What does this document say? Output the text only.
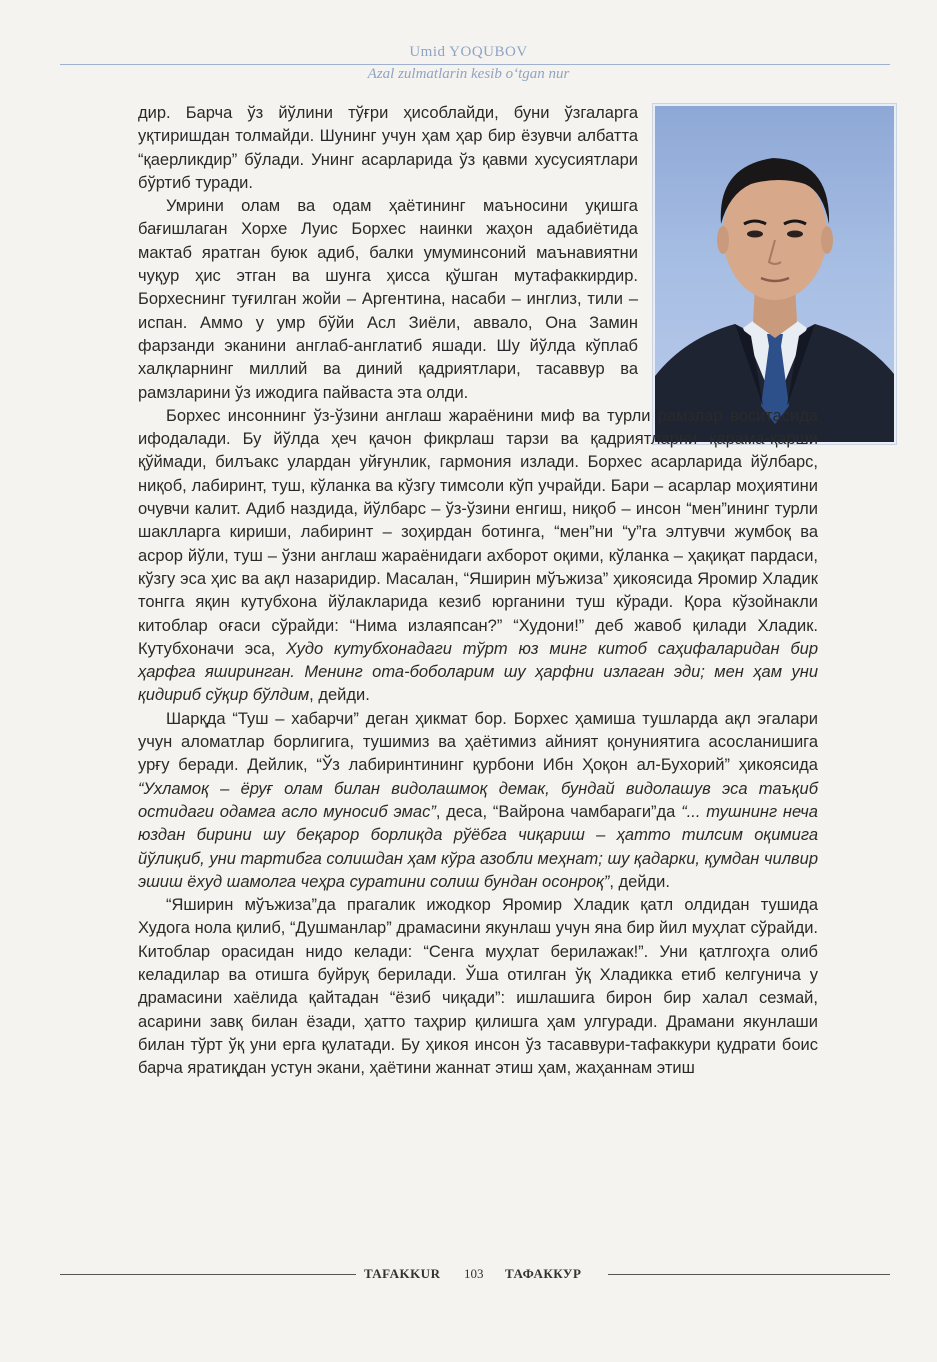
Umid YOQUBOV
Azal zulmatlarin kesib o‘tgan nur

дир. Барча ўз йўлини тўғри ҳисоблайди, буни ўзгаларга уқтиришдан толмайди. Шунинг учун ҳам ҳар бир ёзувчи албатта “қаерликдир” бўлади. Унинг асарларида ўз қавми хусусиятлари бўртиб туради.

Умрини олам ва одам ҳаётининг маъносини уқишга бағишлаган Хорхе Луис Борхес наинки жаҳон адабиётида мактаб яратган буюк адиб, балки умуминсоний маънавиятни чуқур ҳис этган ва шунга ҳисса қўшган мутафаккирдир. Борхеснинг туғилган жойи – Аргентина, насаби – инглиз, тили – испан. Аммо у умр бўйи Асл Зиёли, аввало, Она Замин фарзанди эканини англаб-англатиб яшади. Шу йўлда кўплаб халқларнинг миллий ва диний қадриятлари, тасаввур ва рамзларини ўз ижодига пайваста эта олди.

Борхес инсоннинг ўз-ўзини англаш жараёнини миф ва турли рамзлар воситасида ифодалади. Бу йўлда ҳеч қачон фикрлаш тарзи ва қадриятларни қарама-қарши қўймади, билъакс улардан уйғунлик, гармония излади. Борхес асарларида йўлбарс, ниқоб, лабиринт, туш, кўланка ва кўзгу тимсоли кўп учрайди. Бари – асарлар моҳиятини очувчи калит. Адиб наздида, йўлбарс – ўз-ўзини енгиш, ниқоб – инсон “мен”ининг турли шаклларга кириши, лабиринт – зоҳирдан ботинга, “мен”ни “у”га элтувчи жумбоқ ва асрор йўли, туш – ўзни англаш жараёнидаги ахборот оқими, кўланка – ҳақиқат пардаси, кўзгу эса ҳис ва ақл назаридир. Масалан, “Яширин мўъжиза” ҳикоясида Яромир Хладик тонгга яқин кутубхона йўлакларида кезиб юрганини туш кўради. Қора кўзойнакли китоблар оғаси сўрайди: “Нима излаяпсан?” “Худони!” деб жавоб қилади Хладик. Кутубхоначи эса, Худо кутубхонадаги тўрт юз минг китоб саҳифаларидан бир ҳарфга яширинган. Менинг ота-боболарим шу ҳарфни излаган эди; мен ҳам уни қидириб сўқир бўлдим, дейди.

Шарқда “Туш – хабарчи” деган ҳикмат бор. Борхес ҳамиша тушларда ақл эгалари учун аломатлар борлигига, тушимиз ва ҳаётимиз айният қонуниятига асосланишига урғу беради. Дейлик, “Ўз лабиринтининг қурбони Ибн Ҳоқон ал-Бухорий” ҳикоясида “Ухламоқ – ёруғ олам билан видолашмоқ демак, бундай видолашув эса таъқиб остидаги одамга асло муносиб эмас”, деса, “Вайрона чамбараги”да “... тушнинг неча юздан бирини шу беқарор борлиқда рўёбга чиқариш – ҳатто тилсим оқимига йўлиқиб, уни тартибга солишдан ҳам кўра азобли меҳнат; шу қадарки, қумдан чилвир эшиш ёхуд шамолга чеҳра суратини солиш бундан осонроқ”, дейди.

“Яширин мўъжиза”да прагалик ижодкор Яромир Хладик қатл олдидан тушида Худога нола қилиб, “Душманлар” драмасини якунлаш учун яна бир йил муҳлат сўрайди. Китоблар орасидан нидо келади: “Сенга муҳлат берилажак!”. Уни қатлгоҳга олиб келадилар ва отишга буйруқ берилади. Ўша отилган ўқ Хладикка етиб келгунича у драмасини хаёлида қайтадан “ёзиб чиқади”: ишлашига бирон бир халал сезмай, асарини завқ билан ёзади, ҳатто таҳрир қилишга ҳам улгуради. Драмани якунлаши билан тўрт ўқ уни ерга қулатади. Бу ҳикоя инсон ўз тасаввури-тафаккури қудрати боис барча яратиқдан устун экани, ҳаётини жаннат этиш ҳам, жаҳаннам этиш

TAFAKKUR 103 ТАФАККУР
